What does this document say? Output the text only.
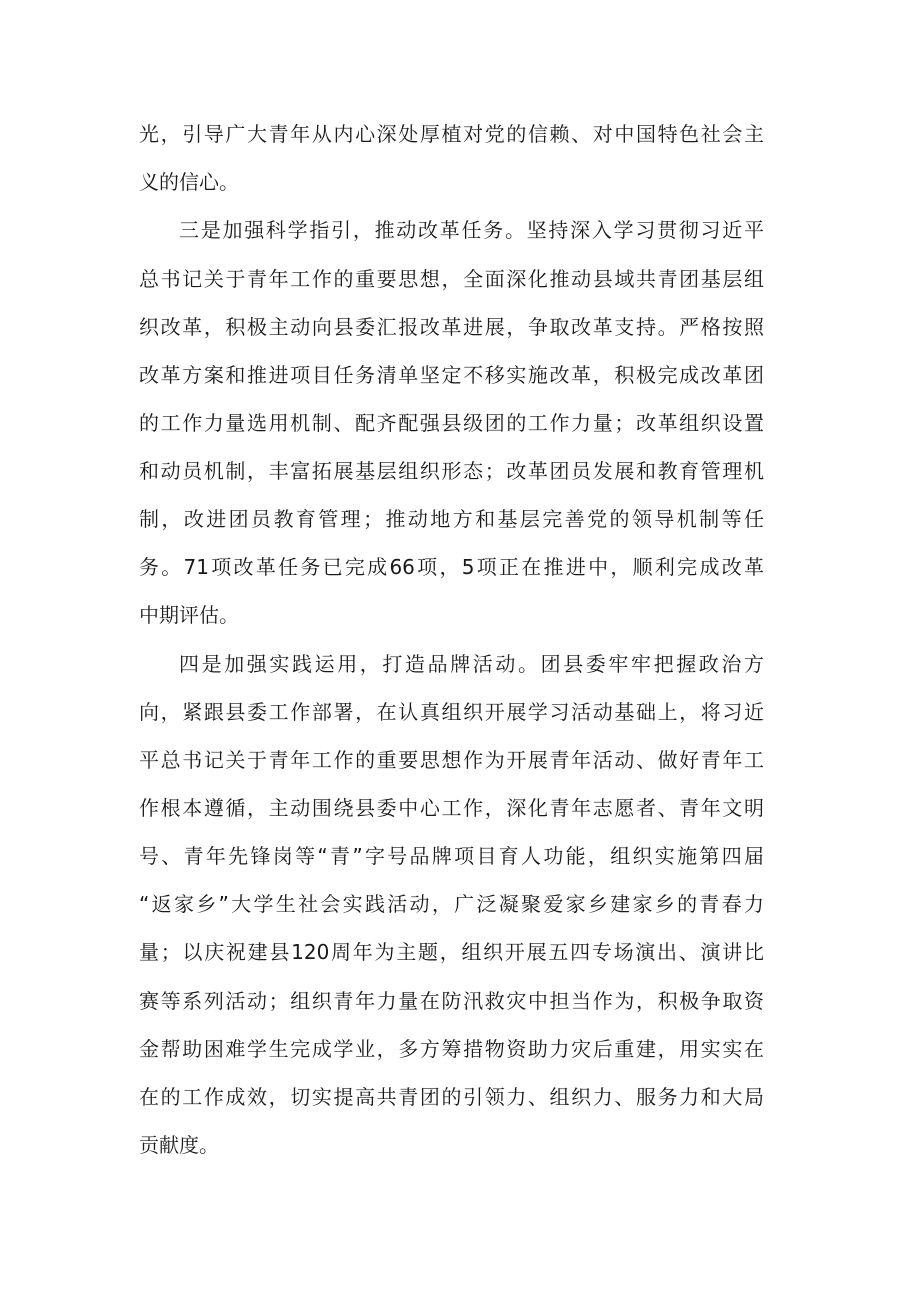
光，引导广大青年从内心深处厚植对党的信赖、对中国特色社会主
义的信心。
三是加强科学指引，推动改革任务。坚持深入学习贯彻习近平
总书记关于青年工作的重要思想，全面深化推动县域共青团基层组
织改革，积极主动向县委汇报改革进展，争取改革支持。严格按照
改革方案和推进项目任务清单坚定不移实施改革，积极完成改革团
的工作力量选用机制、配齐配强县级团的工作力量；改革组织设置
和动员机制，丰富拓展基层组织形态；改革团员发展和教育管理机
制，改进团员教育管理；推动地方和基层完善党的领导机制等任
务。71项改革任务已完成66项，5项正在推进中，顺利完成改革
中期评估。
四是加强实践运用，打造品牌活动。团县委牢牢把握政治方
向，紧跟县委工作部署，在认真组织开展学习活动基础上，将习近
平总书记关于青年工作的重要思想作为开展青年活动、做好青年工
作根本遵循，主动围绕县委中心工作，深化青年志愿者、青年文明
号、青年先锋岗等“青”字号品牌项目育人功能，组织实施第四届
“返家乡”大学生社会实践活动，广泛凝聚爱家乡建家乡的青春力
量；以庆祝建县120周年为主题，组织开展五四专场演出、演讲比
赛等系列活动；组织青年力量在防汛救灾中担当作为，积极争取资
金帮助困难学生完成学业，多方筹措物资助力灾后重建，用实实在
在的工作成效，切实提高共青团的引领力、组织力、服务力和大局
贡献度。
